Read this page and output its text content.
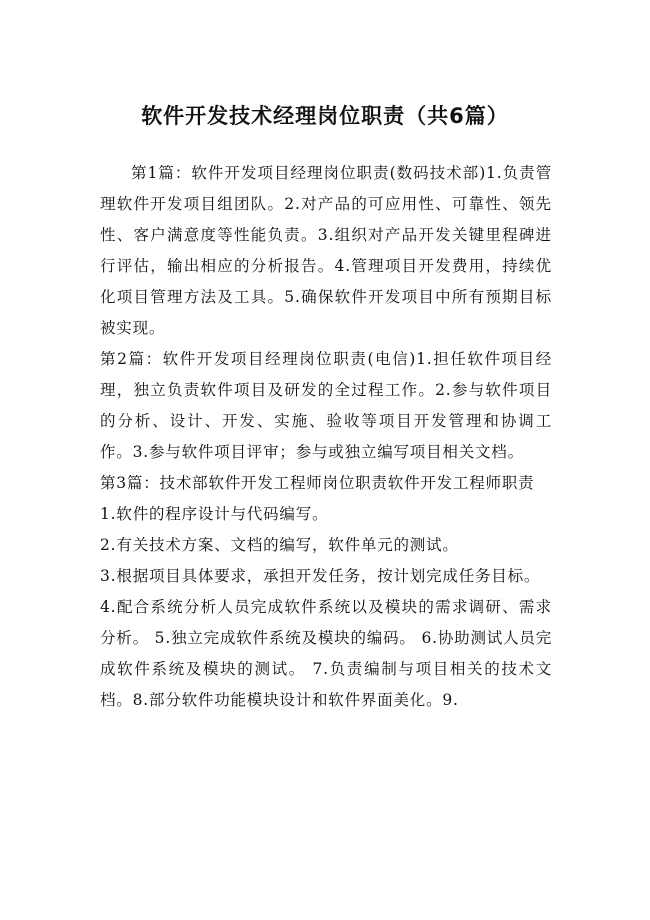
软件开发技术经理岗位职责（共6篇）

第1篇：软件开发项目经理岗位职责(数码技术部)1.负责管理软件开发项目组团队。2.对产品的可应用性、可靠性、领先性、客户满意度等性能负责。3.组织对产品开发关键里程碑进行评估，输出相应的分析报告。4.管理项目开发费用，持续优化项目管理方法及工具。5.确保软件开发项目中所有预期目标被实现。

第2篇：软件开发项目经理岗位职责(电信)1.担任软件项目经理，独立负责软件项目及研发的全过程工作。2.参与软件项目的分析、设计、开发、实施、验收等项目开发管理和协调工作。3.参与软件项目评审；参与或独立编写项目相关文档。

第3篇：技术部软件开发工程师岗位职责软件开发工程师职责

1.软件的程序设计与代码编写。

2.有关技术方案、文档的编写，软件单元的测试。

3.根据项目具体要求，承担开发任务，按计划完成任务目标。

4.配合系统分析人员完成软件系统以及模块的需求调研、需求分析。 5.独立完成软件系统及模块的编码。 6.协助测试人员完成软件系统及模块的测试。 7.负责编制与项目相关的技术文档。8.部分软件功能模块设计和软件界面美化。9.
